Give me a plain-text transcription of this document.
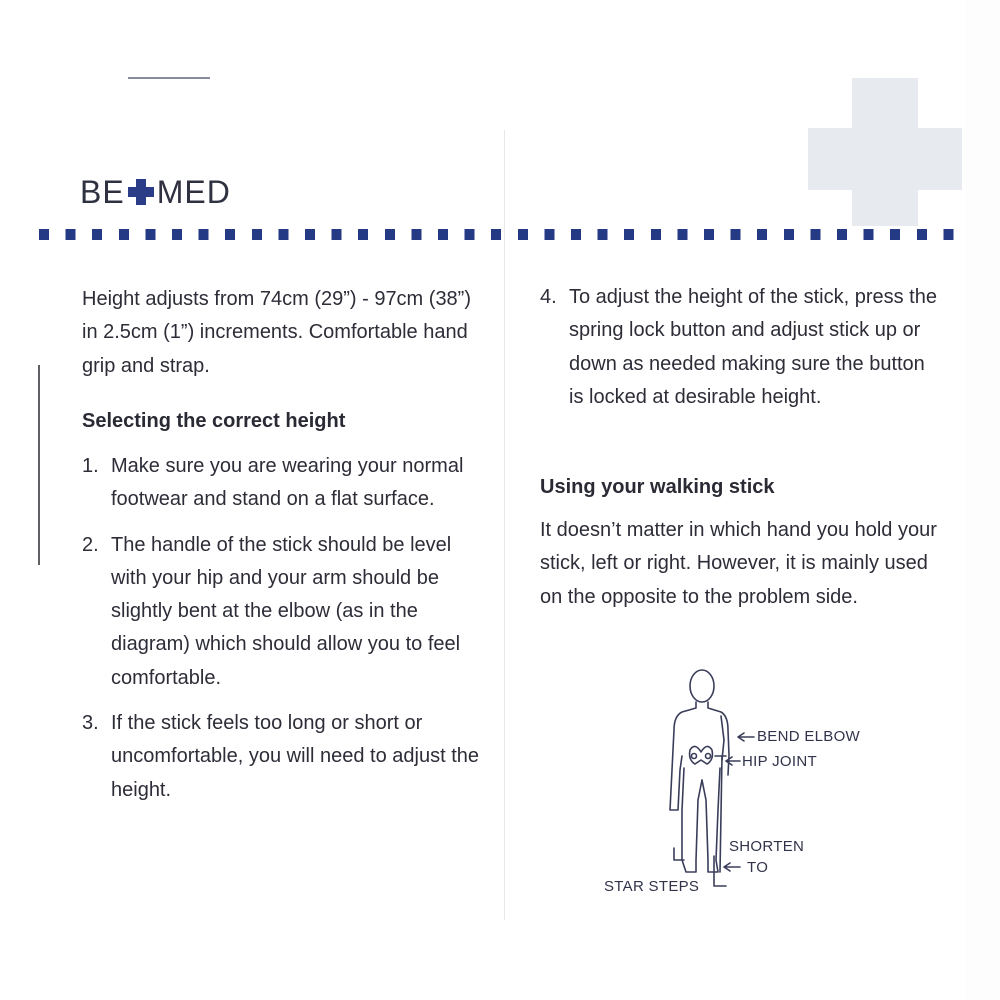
BE MED
Height adjusts from 74cm (29”) - 97cm (38”) in 2.5cm (1”) increments. Comfortable hand grip and strap.
Selecting the correct height
1. Make sure you are wearing your normal footwear and stand on a flat surface.
2. The handle of the stick should be level with your hip and your arm should be slightly bent at the elbow (as in the diagram) which should allow you to feel comfortable.
3. If the stick feels too long or short or uncomfortable, you will need to adjust the height.
4. To adjust the height of the stick, press the spring lock button and adjust stick up or down as needed making sure the button is locked at desirable height.
Using your walking stick
It doesn’t matter in which hand you hold your stick, left or right. However, it is mainly used on the opposite to the problem side.
BEND ELBOW
HIP JOINT
SHORTEN
TO
STAR STEPS
